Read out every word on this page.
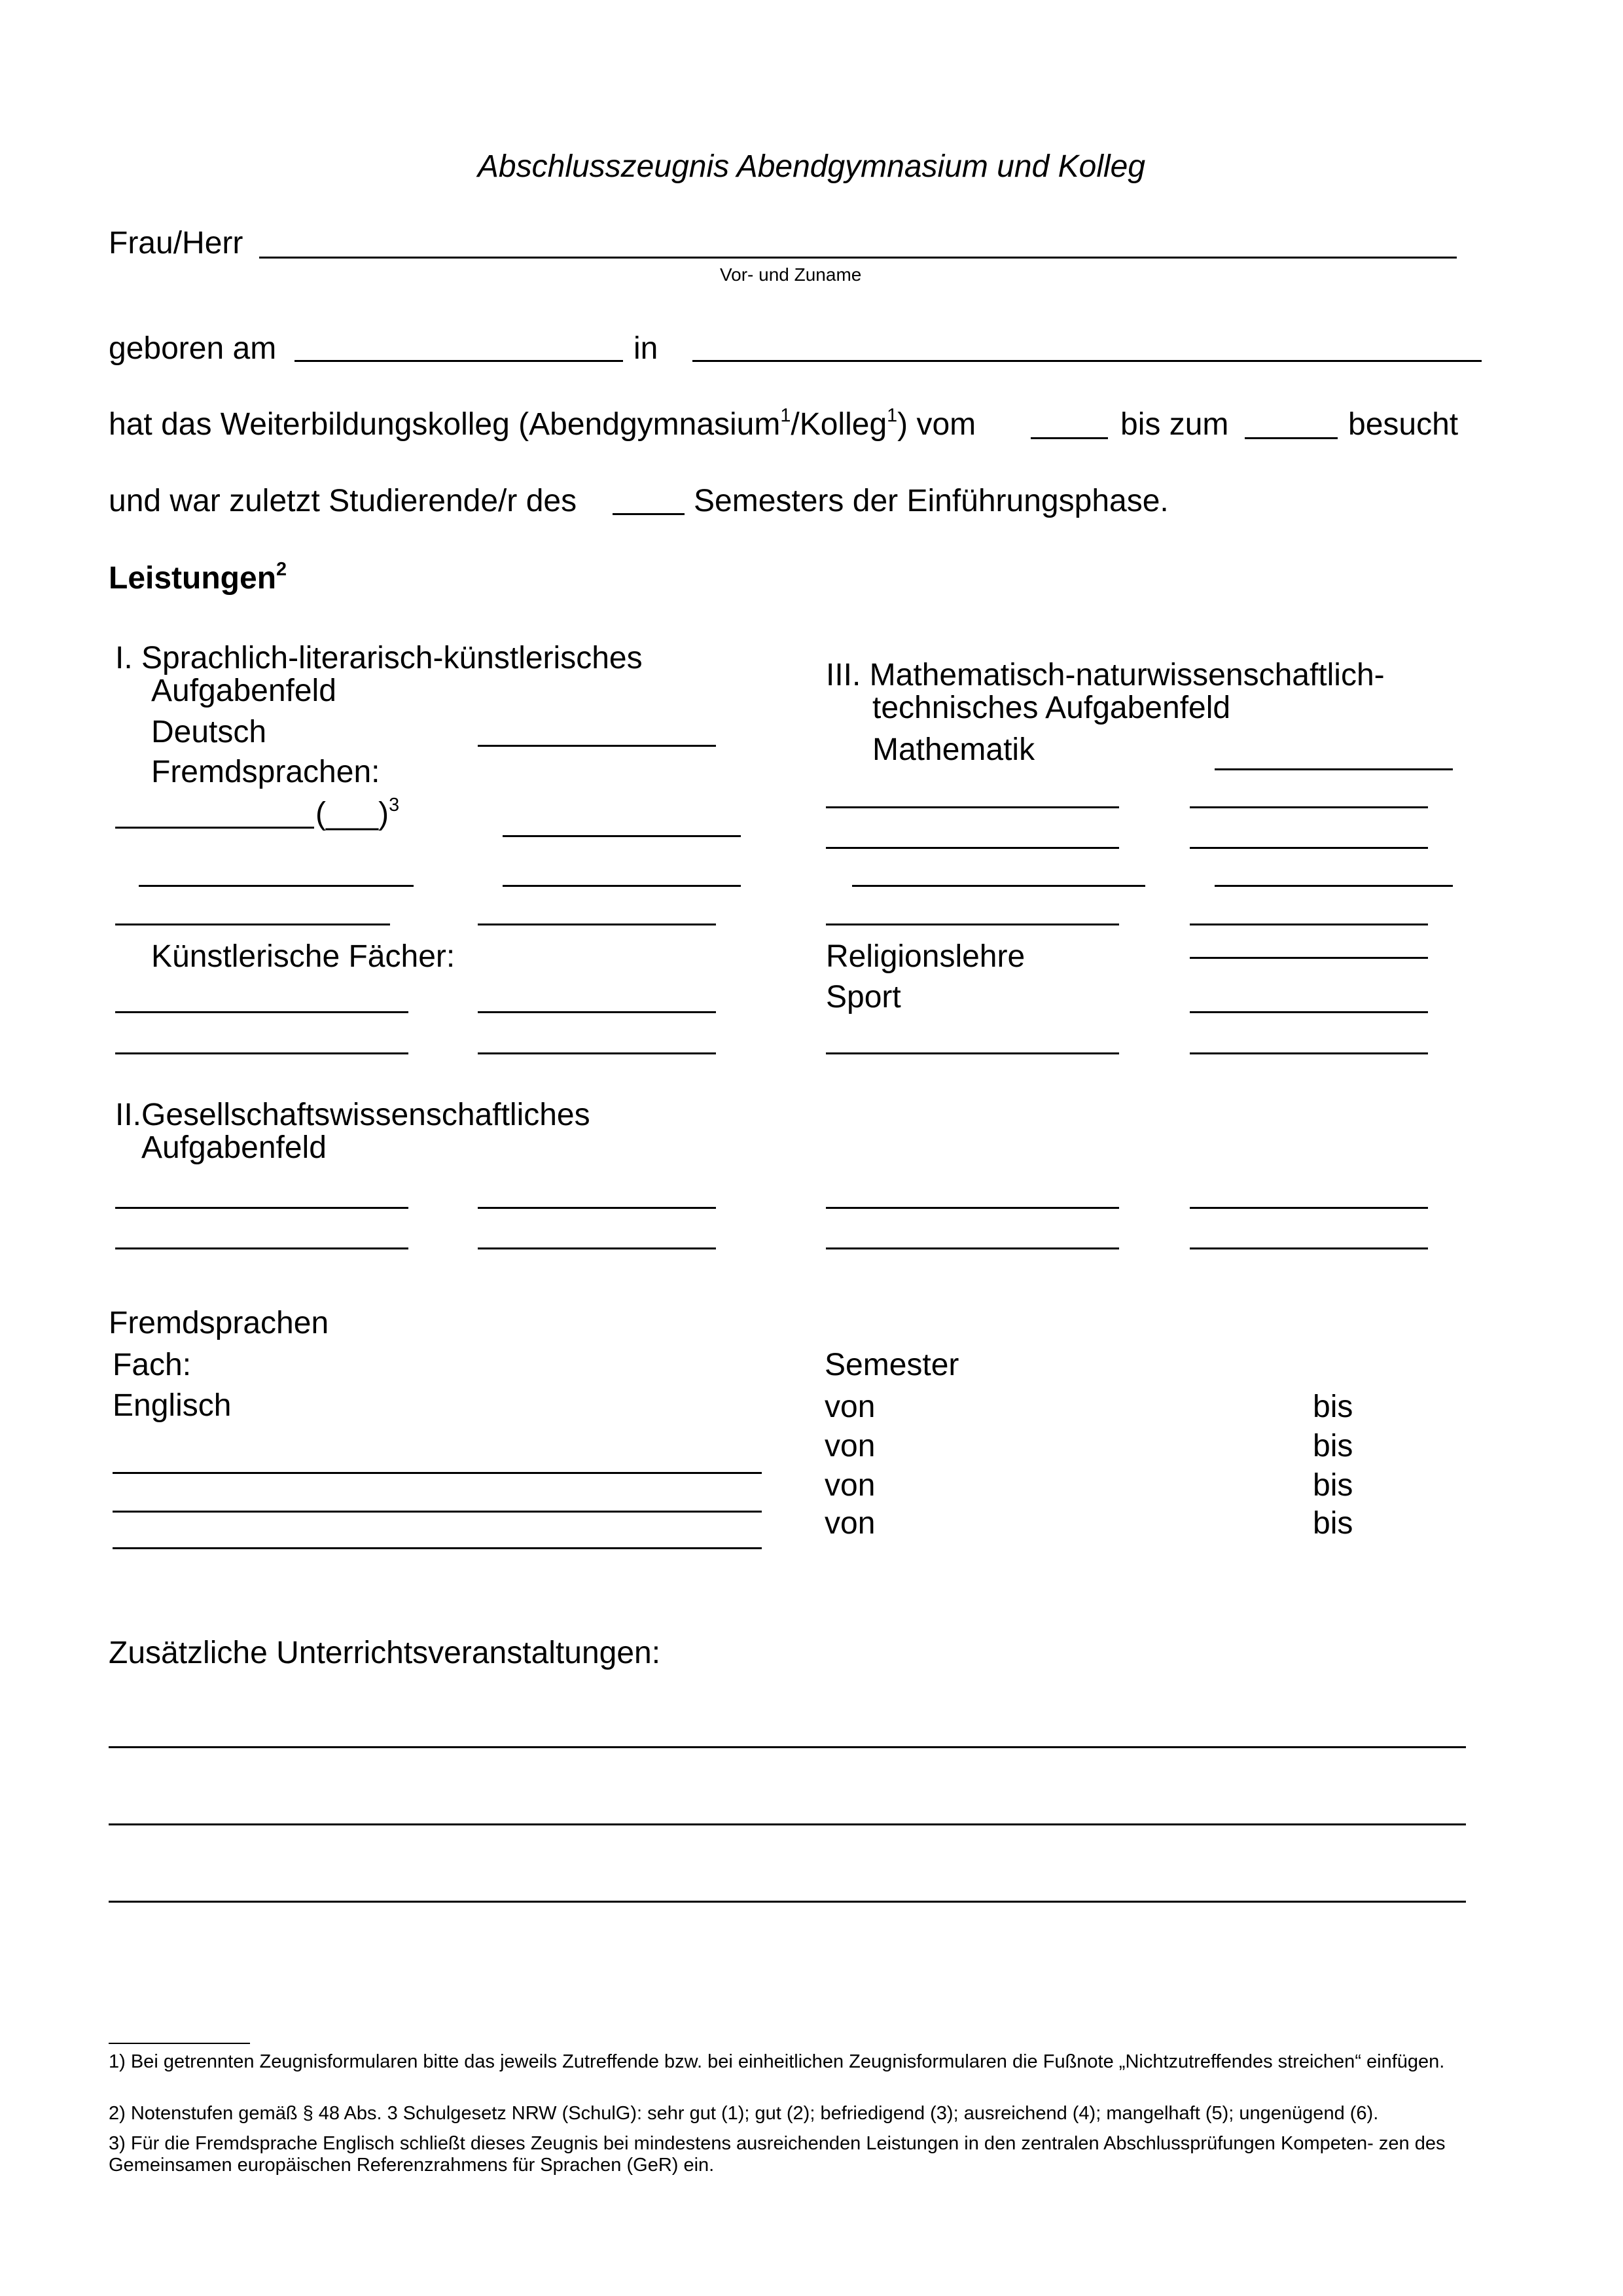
Abschlusszeugnis Abendgymnasium und Kolleg
Frau/Herr
Vor- und Zuname
geboren am	in
hat das Weiterbildungskolleg (Abendgymnasium$^1$/Kolleg$^1$) vom	bis zum	besucht
und war zuletzt Studierende/r des	Semesters der Einführungsphase.
Leistungen$^2$
I. Sprachlich-literarisch-künstlerisches
Aufgabenfeld
Deutsch
Fremdsprachen:
(___)$^3$
Künstlerische Fächer:
III. Mathematisch-naturwissenschaftlich-
technisches Aufgabenfeld
Mathematik
Religionslehre
Sport
II.Gesellschaftswissenschaftliches
Aufgabenfeld
Fremdsprachen
Fach:	Semester
Englisch	von	bis
von	bis
von	bis
von	bis
Zusätzliche Unterrichtsveranstaltungen:
1) Bei getrennten Zeugnisformularen bitte das jeweils Zutreffende bzw. bei einheitlichen Zeugnisformularen die Fußnote „Nichtzutreffendes streichen“ einfügen.
2) Notenstufen gemäß § 48 Abs. 3 Schulgesetz NRW (SchulG): sehr gut (1); gut (2); befriedigend (3); ausreichend (4); mangelhaft (5); ungenügend (6).
3) Für die Fremdsprache Englisch schließt dieses Zeugnis bei mindestens ausreichenden Leistungen in den zentralen Abschlussprüfungen Kompeten- zen des Gemeinsamen europäischen Referenzrahmens für Sprachen (GeR) ein.
